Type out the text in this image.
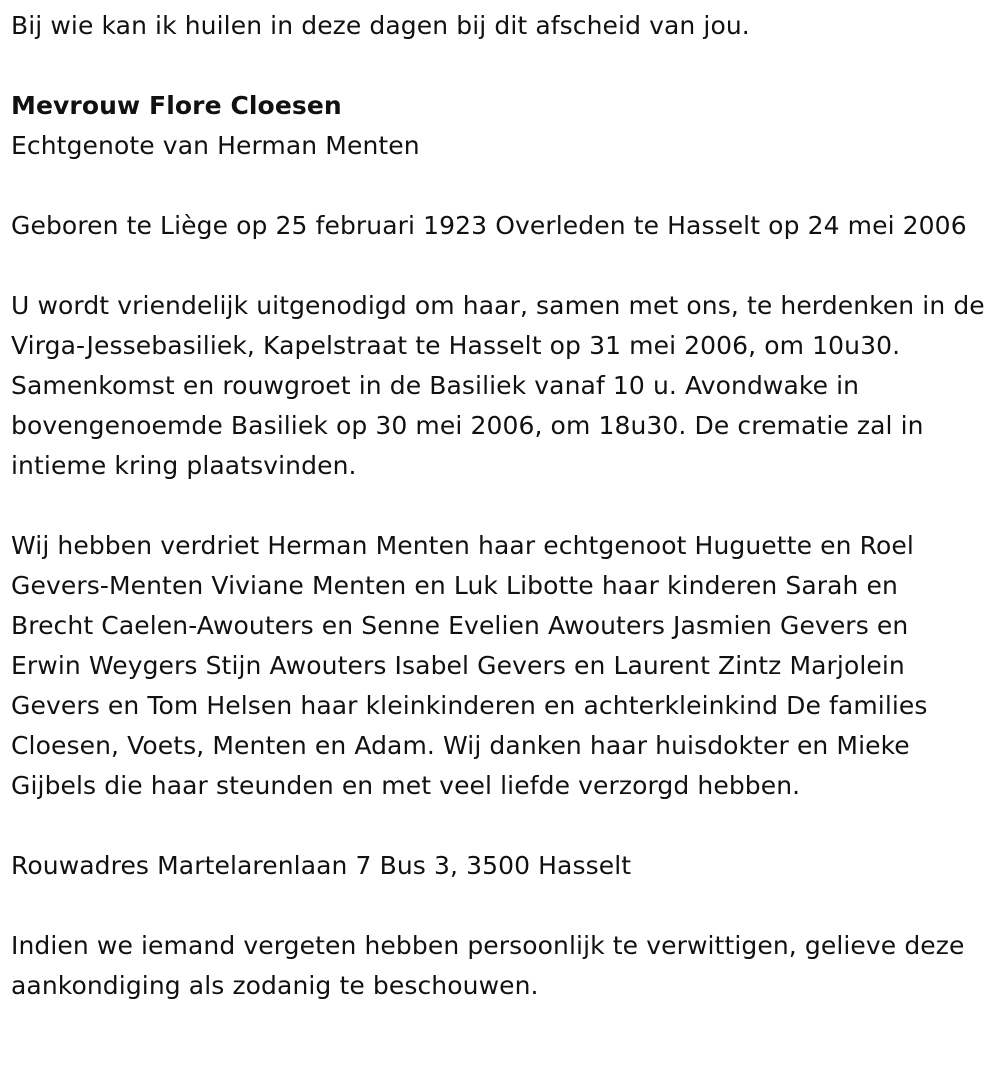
Bij wie kan ik huilen in deze dagen bij dit afscheid van jou.

Mevrouw Flore Cloesen

Echtgenote van Herman Menten

Geboren te Liège op 25 februari 1923 Overleden te Hasselt op 24 mei 2006

U wordt vriendelijk uitgenodigd om haar, samen met ons, te herdenken in de Virga-Jessebasiliek, Kapelstraat te Hasselt op 31 mei 2006, om 10u30. Samenkomst en rouwgroet in de Basiliek vanaf 10 u. Avondwake in bovengenoemde Basiliek op 30 mei 2006, om 18u30. De crematie zal in intieme kring plaatsvinden.

Wij hebben verdriet Herman Menten haar echtgenoot Huguette en Roel Gevers-Menten Viviane Menten en Luk Libotte haar kinderen Sarah en Brecht Caelen-Awouters en Senne Evelien Awouters Jasmien Gevers en Erwin Weygers Stijn Awouters Isabel Gevers en Laurent Zintz Marjolein Gevers en Tom Helsen haar kleinkinderen en achterkleinkind De families Cloesen, Voets, Menten en Adam. Wij danken haar huisdokter en Mieke Gijbels die haar steunden en met veel liefde verzorgd hebben.

Rouwadres Martelarenlaan 7 Bus 3, 3500 Hasselt

Indien we iemand vergeten hebben persoonlijk te verwittigen, gelieve deze aankondiging als zodanig te beschouwen.
